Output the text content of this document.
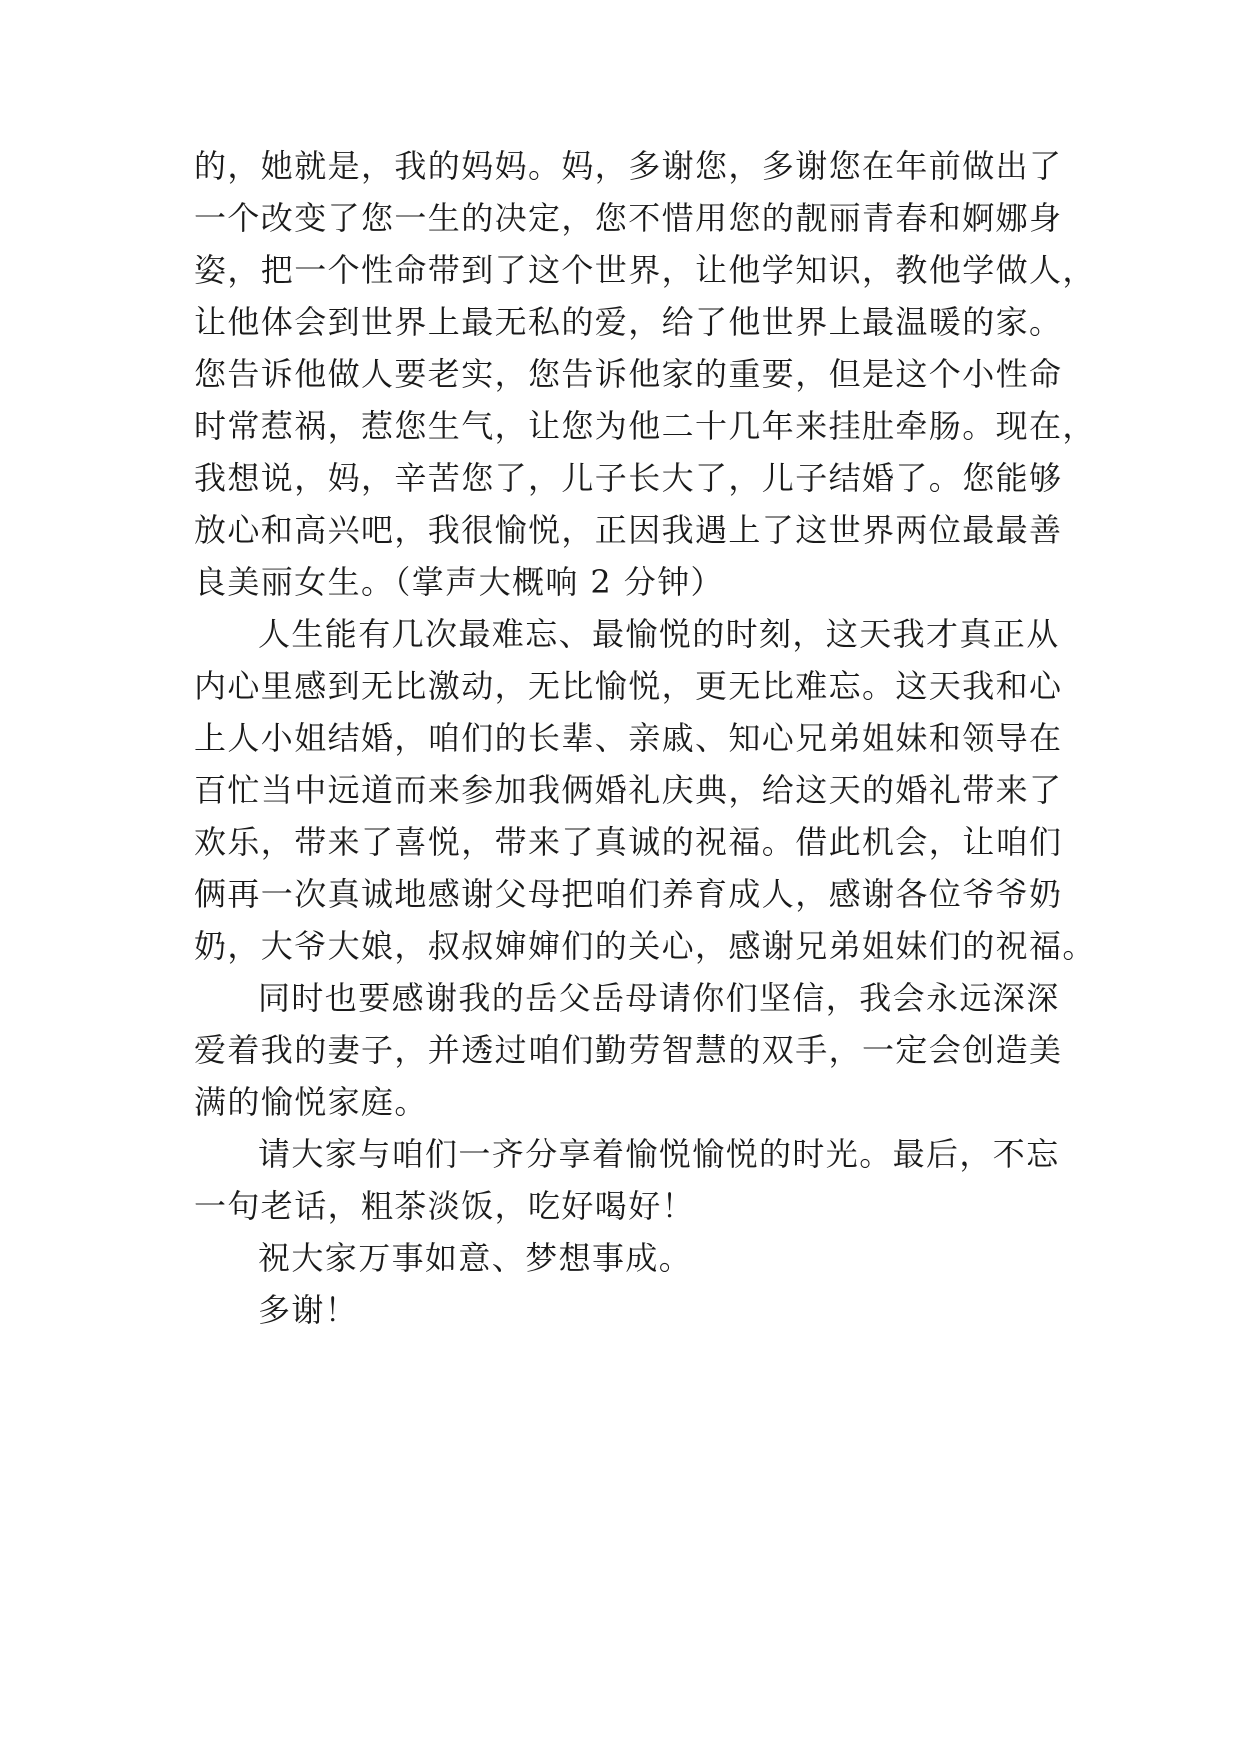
的，她就是，我的妈妈。妈，多谢您，多谢您在年前做出了
一个改变了您一生的决定，您不惜用您的靓丽青春和婀娜身
姿，把一个性命带到了这个世界，让他学知识，教他学做人，
让他体会到世界上最无私的爱，给了他世界上最温暖的家。
您告诉他做人要老实，您告诉他家的重要，但是这个小性命
时常惹祸，惹您生气，让您为他二十几年来挂肚牵肠。现在，
我想说，妈，辛苦您了，儿子长大了，儿子结婚了。您能够
放心和高兴吧，我很愉悦，正因我遇上了这世界两位最最善
良美丽女生。（掌声大概响 2 分钟）
人生能有几次最难忘、最愉悦的时刻，这天我才真正从
内心里感到无比激动，无比愉悦，更无比难忘。这天我和心
上人小姐结婚，咱们的长辈、亲戚、知心兄弟姐妹和领导在
百忙当中远道而来参加我俩婚礼庆典，给这天的婚礼带来了
欢乐，带来了喜悦，带来了真诚的祝福。借此机会，让咱们
俩再一次真诚地感谢父母把咱们养育成人，感谢各位爷爷奶
奶，大爷大娘，叔叔婶婶们的关心，感谢兄弟姐妹们的祝福。
同时也要感谢我的岳父岳母请你们坚信，我会永远深深
爱着我的妻子，并透过咱们勤劳智慧的双手，一定会创造美
满的愉悦家庭。
请大家与咱们一齐分享着愉悦愉悦的时光。最后，不忘
一句老话，粗茶淡饭，吃好喝好！
祝大家万事如意、梦想事成。
多谢！
